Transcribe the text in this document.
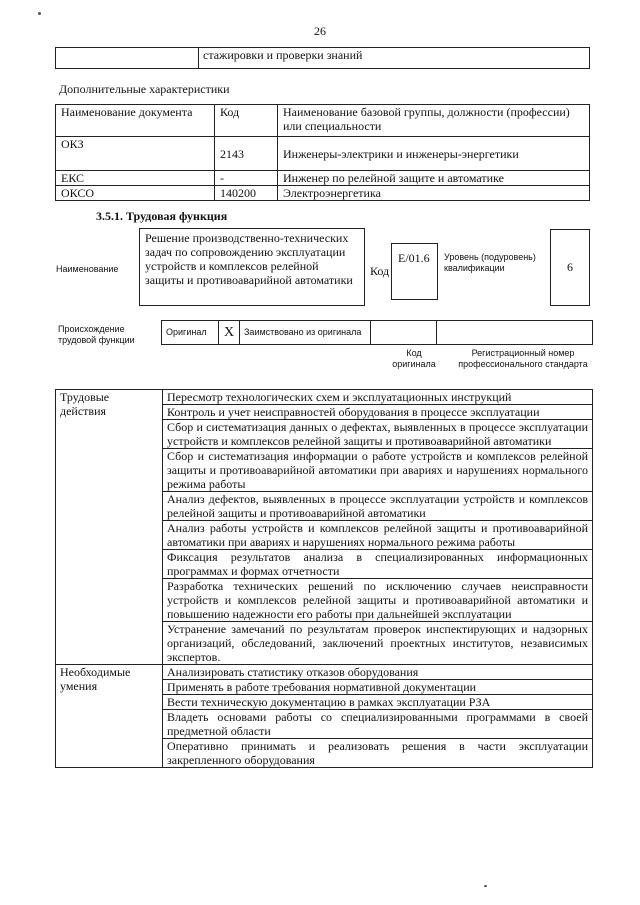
26
	стажировки и проверки знаний
Дополнительные характеристики
Наименование документа	Код	Наименование базовой группы, должности (профессии) или специальности
ОКЗ	2143	Инженеры-электрики и инженеры-энергетики
ЕКС	-	Инженер по релейной защите и автоматике
ОКСО	140200	Электроэнергетика
3.5.1. Трудовая функция
Наименование
Решение производственно-технических задач по сопровождению эксплуатации устройств и комплексов релейной защиты и противоаварийной автоматики
Код
E/01.6	Уровень (подуровень) квалификации	6
Происхождение трудовой функции
Оригинал	X	Заимствовано из оригинала		
Код оригинала
Регистрационный номер профессионального стандарта
Трудовые действия	Пересмотр технологических схем и эксплуатационных инструкций
	Контроль и учет неисправностей оборудования в процессе эксплуатации
	Сбор и систематизация данных о дефектах, выявленных в процессе эксплуатации устройств и комплексов релейной защиты и противоаварийной автоматики
	Сбор и систематизация информации о работе устройств и комплексов релейной защиты и противоаварийной автоматики при авариях и нарушениях нормального режима работы
	Анализ дефектов, выявленных в процессе эксплуатации устройств и комплексов релейной защиты и противоаварийной автоматики
	Анализ работы устройств и комплексов релейной защиты и противоаварийной автоматики при авариях и нарушениях нормального режима работы
	Фиксация результатов анализа в специализированных информационных программах и формах отчетности
	Разработка технических решений по исключению случаев неисправности устройств и комплексов релейной защиты и противоаварийной автоматики и повышению надежности его работы при дальнейшей эксплуатации
	Устранение замечаний по результатам проверок инспектирующих и надзорных организаций, обследований, заключений проектных институтов, независимых экспертов.
Необходимые умения	Анализировать статистику отказов оборудования
	Применять в работе требования нормативной документации
	Вести техническую документацию в рамках эксплуатации РЗА
	Владеть основами работы со специализированными программами в своей предметной области
	Оперативно принимать и реализовать решения в части эксплуатации закрепленного оборудования
